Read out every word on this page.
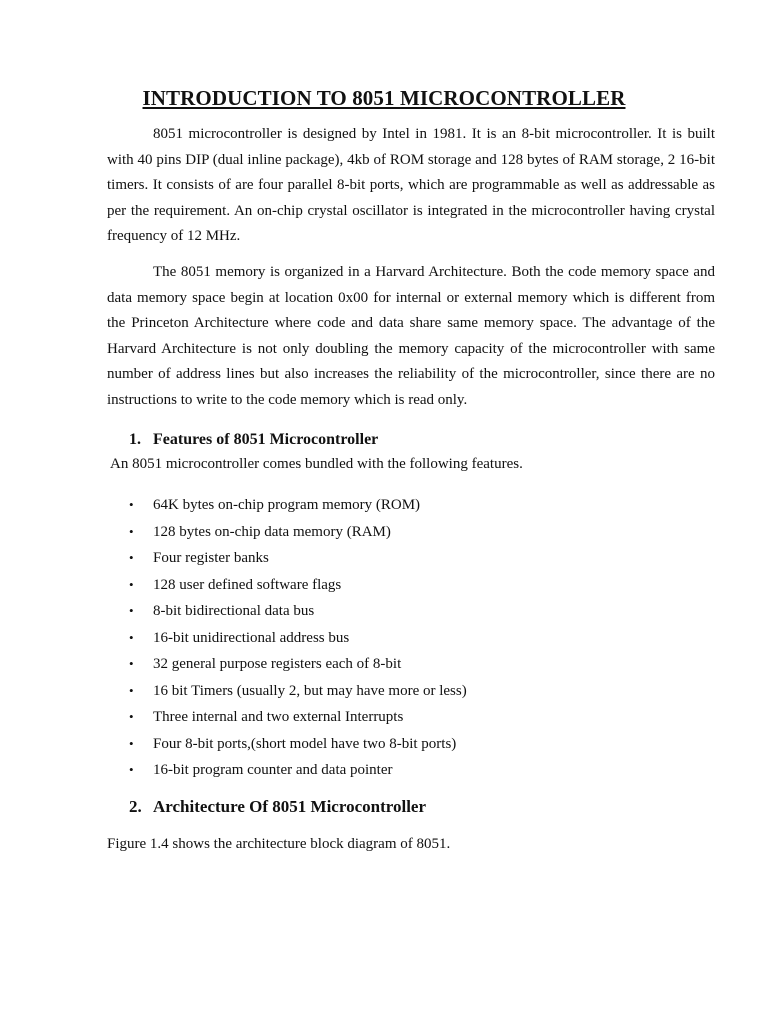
INTRODUCTION TO 8051 MICROCONTROLLER

8051 microcontroller is designed by Intel in 1981. It is an 8-bit microcontroller. It is built with 40 pins DIP (dual inline package), 4kb of ROM storage and 128 bytes of RAM storage, 2 16-bit timers. It consists of are four parallel 8-bit ports, which are programmable as well as addressable as per the requirement. An on-chip crystal oscillator is integrated in the microcontroller having crystal frequency of 12 MHz.

The 8051 memory is organized in a Harvard Architecture. Both the code memory space and data memory space begin at location 0x00 for internal or external memory which is different from the Princeton Architecture where code and data share same memory space. The advantage of the Harvard Architecture is not only doubling the memory capacity of the microcontroller with same number of address lines but also increases the reliability of the microcontroller, since there are no instructions to write to the code memory which is read only.

1. Features of 8051 Microcontroller

An 8051 microcontroller comes bundled with the following features.

• 64K bytes on-chip program memory (ROM)
• 128 bytes on-chip data memory (RAM)
• Four register banks
• 128 user defined software flags
• 8-bit bidirectional data bus
• 16-bit unidirectional address bus
• 32 general purpose registers each of 8-bit
• 16 bit Timers (usually 2, but may have more or less)
• Three internal and two external Interrupts
• Four 8-bit ports,(short model have two 8-bit ports)
• 16-bit program counter and data pointer
2. Architecture Of 8051 Microcontroller

Figure 1.4 shows the architecture block diagram of 8051.
